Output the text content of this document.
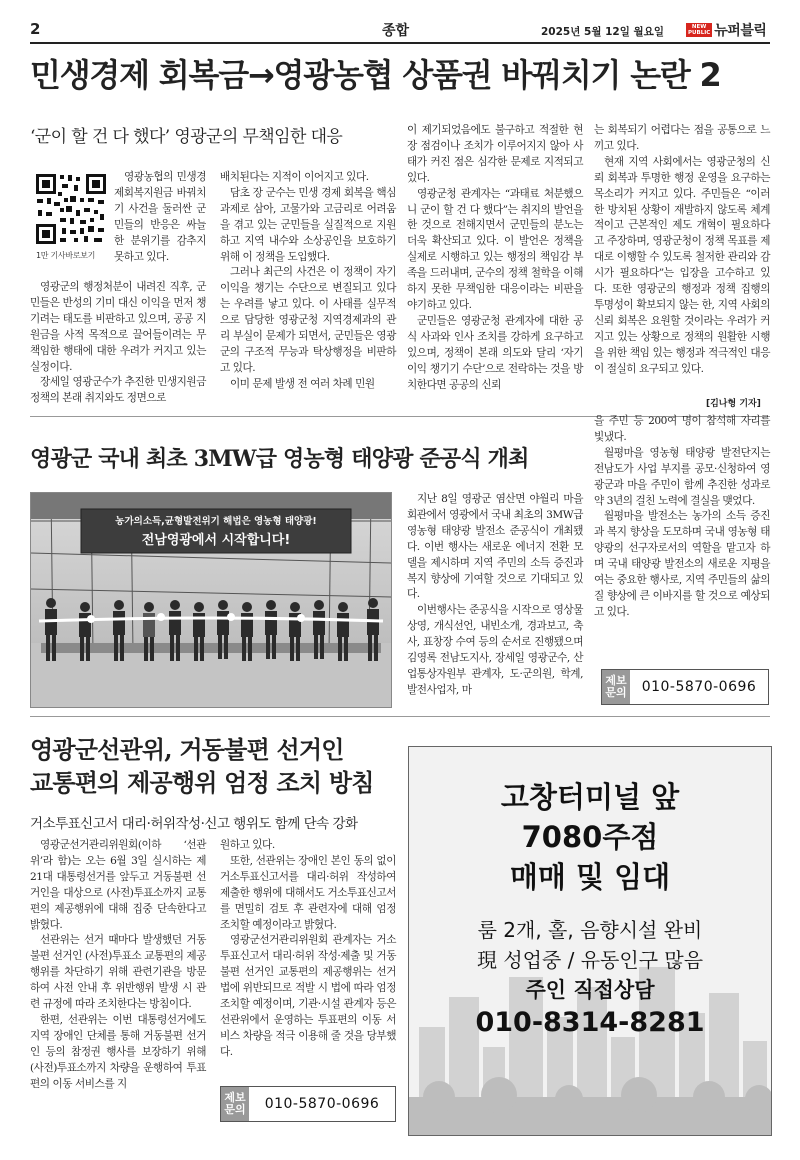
2	종합	2025년 5월 12일 월요일	NEW
PUBLIC 뉴퍼블릭
민생경제 회복금→영광농협 상품권 바꿔치기 논란 2
‘군이 할 건 다 했다’ 영광군의 무책임한 대응
1만 기사바로보기

영광농협의 민생경제회복지원금 바꿔치기 사건을 둘러싼 군민들의 반응은 싸늘한 분위기를 감추지 못하고 있다.

영광군의 행정처분이 내려진 직후, 군민들은 반성의 기미 대신 이익을 먼저 챙기려는 태도를 비판하고 있으며, 공공 지원금을 사적 목적으로 끌어들이려는 무책임한 행태에 대한 우려가 커지고 있는 실정이다.

장세일 영광군수가 추진한 민생지원금 정책의 본래 취지와도 정면으로

배치된다는 지적이 이어지고 있다.

담초 장 군수는 민생 경제 회복을 핵심 과제로 삼아, 고물가와 고금리로 어려움을 겪고 있는 군민들을 실질적으로 지원하고 지역 내수와 소상공인을 보호하기 위해 이 정책을 도입했다.

그러나 최근의 사건은 이 정책이 자기 이익을 챙기는 수단으로 변질되고 있다는 우려를 낳고 있다. 이 사태를 실무적으로 담당한 영광군청 지역경제과의 관리 부실이 문제가 되면서, 군민들은 영광군의 구조적 무능과 탁상행정을 비판하고 있다.

이미 문제 발생 전 여러 차례 민원

이 제기되었음에도 불구하고 적절한 현장 점검이나 조치가 이루어지지 않아 사태가 커진 점은 심각한 문제로 지적되고 있다.

영광군청 관계자는 “과태료 처분했으니 군이 할 건 다 했다”는 취지의 발언을 한 것으로 전해지면서 군민들의 분노는 더욱 확산되고 있다. 이 발언은 정책을 실제로 시행하고 있는 행정의 책임감 부족을 드러내며, 군수의 정책 철학을 이해하지 못한 무책임한 대응이라는 비판을 야기하고 있다.

군민들은 영광군청 관계자에 대한 공식 사과와 인사 조치를 강하게 요구하고 있으며, 정책이 본래 의도와 달리 ‘자기 이익 챙기기 수단’으로 전락하는 것을 방치한다면 공공의 신뢰

는 회복되기 어렵다는 점을 공통으로 느끼고 있다.

현재 지역 사회에서는 영광군청의 신뢰 회복과 투명한 행정 운영을 요구하는 목소리가 커지고 있다. 주민들은 “이러한 방치된 상황이 재발하지 않도록 체계적이고 근본적인 제도 개혁이 필요하다고 주장하며, 영광군청이 정책 목표를 제대로 이행할 수 있도록 철저한 관리와 감시가 필요하다”는 입장을 고수하고 있다. 또한 영광군의 행정과 정책 집행의 투명성이 확보되지 않는 한, 지역 사회의 신뢰 회복은 요원할 것이라는 우려가 커지고 있는 상황으로 정책의 원활한 시행을 위한 책임 있는 행정과 적극적인 대응이 절실히 요구되고 있다.

[김나형 기자]
영광군 국내 최초 3MW급 영농형 태양광 준공식 개최
농가의소득,균형발전위기 해법은 영농형 태양광!
전남영광에서 시작합니다!

지난 8일 영광군 염산면 야월리 마을회관에서 영광에서 국내 최초의 3MW급 영농형 태양광 발전소 준공식이 개최됐다. 이번 행사는 새로운 에너지 전환 모델을 제시하며 지역 주민의 소득 증진과 복지 향상에 기여할 것으로 기대되고 있다.

이번행사는 준공식을 시작으로 영상물 상영, 개식선언, 내빈소개, 경과보고, 축사, 표창장 수여 등의 순서로 진행됐으며 김영록 전남도지사, 장세일 영광군수, 산업통상자원부 관계자, 도·군의원, 학계, 발전사업자, 마

을 주민 등 200여 명이 참석해 자리를 빛냈다.

월평마을 영농형 태양광 발전단지는 전남도가 사업 부지를 공모·신청하여 영광군과 마을 주민이 함께 추진한 성과로 약 3년의 걸친 노력에 결실을 맺었다.

월평마을 발전소는 농가의 소득 증진과 복지 향상을 도모하며 국내 영농형 태양광의 선구자로서의 역할을 맡고자 하며 국내 태양광 발전소의 새로운 지평을 여는 중요한 행사로, 지역 주민들의 삶의 질 향상에 큰 이바지를 할 것으로 예상되고 있다.

제보
문의	010-5870-0696
영광군선관위, 거동불편 선거인
교통편의 제공행위 엄정 조치 방침
거소투표신고서 대리·허위작성·신고 행위도 함께 단속 강화

영광군선거관리위원회(이하 ‘선관위’라 함)는 오는 6월 3일 실시하는 제21대 대통령선거를 앞두고 거동불편 선거인을 대상으로 (사전)투표소까지 교통편의 제공행위에 대해 집중 단속한다고 밝혔다.

선관위는 선거 때마다 발생했던 거동불편 선거인 (사전)투표소 교통편의 제공행위를 차단하기 위해 관련기관을 방문하여 사전 안내 후 위반행위 발생 시 관련 규정에 따라 조치한다는 방침이다.

한편, 선관위는 이번 대통령선거에도 지역 장애인 단체를 통해 거동불편 선거인 등의 참정권 행사를 보장하기 위해 (사전)투표소까지 차량을 운행하여 투표편의 이동 서비스를 지

원하고 있다.

또한, 선관위는 장애인 본인 동의 없이 거소투표신고서를 대리·허위 작성하여 제출한 행위에 대해서도 거소투표신고서를 면밀히 검토 후 관련자에 대해 엄정 조치할 예정이라고 밝혔다.

영광군선거관리위원회 관계자는 거소투표신고서 대리·허위 작성·제출 및 거동불편 선거인 교통편의 제공행위는 선거법에 위반되므로 적발 시 법에 따라 엄정 조치할 예정이며, 기관·시설 관계자 등은 선관위에서 운영하는 투표편의 이동 서비스 차량을 적극 이용해 줄 것을 당부했다.

제보
문의	010-5870-0696
고창터미널 앞
7080주점
매매 및 임대
룸 2개, 홀, 음향시설 완비
現 성업중 / 유동인구 많음
주인 직접상담
010-8314-8281
